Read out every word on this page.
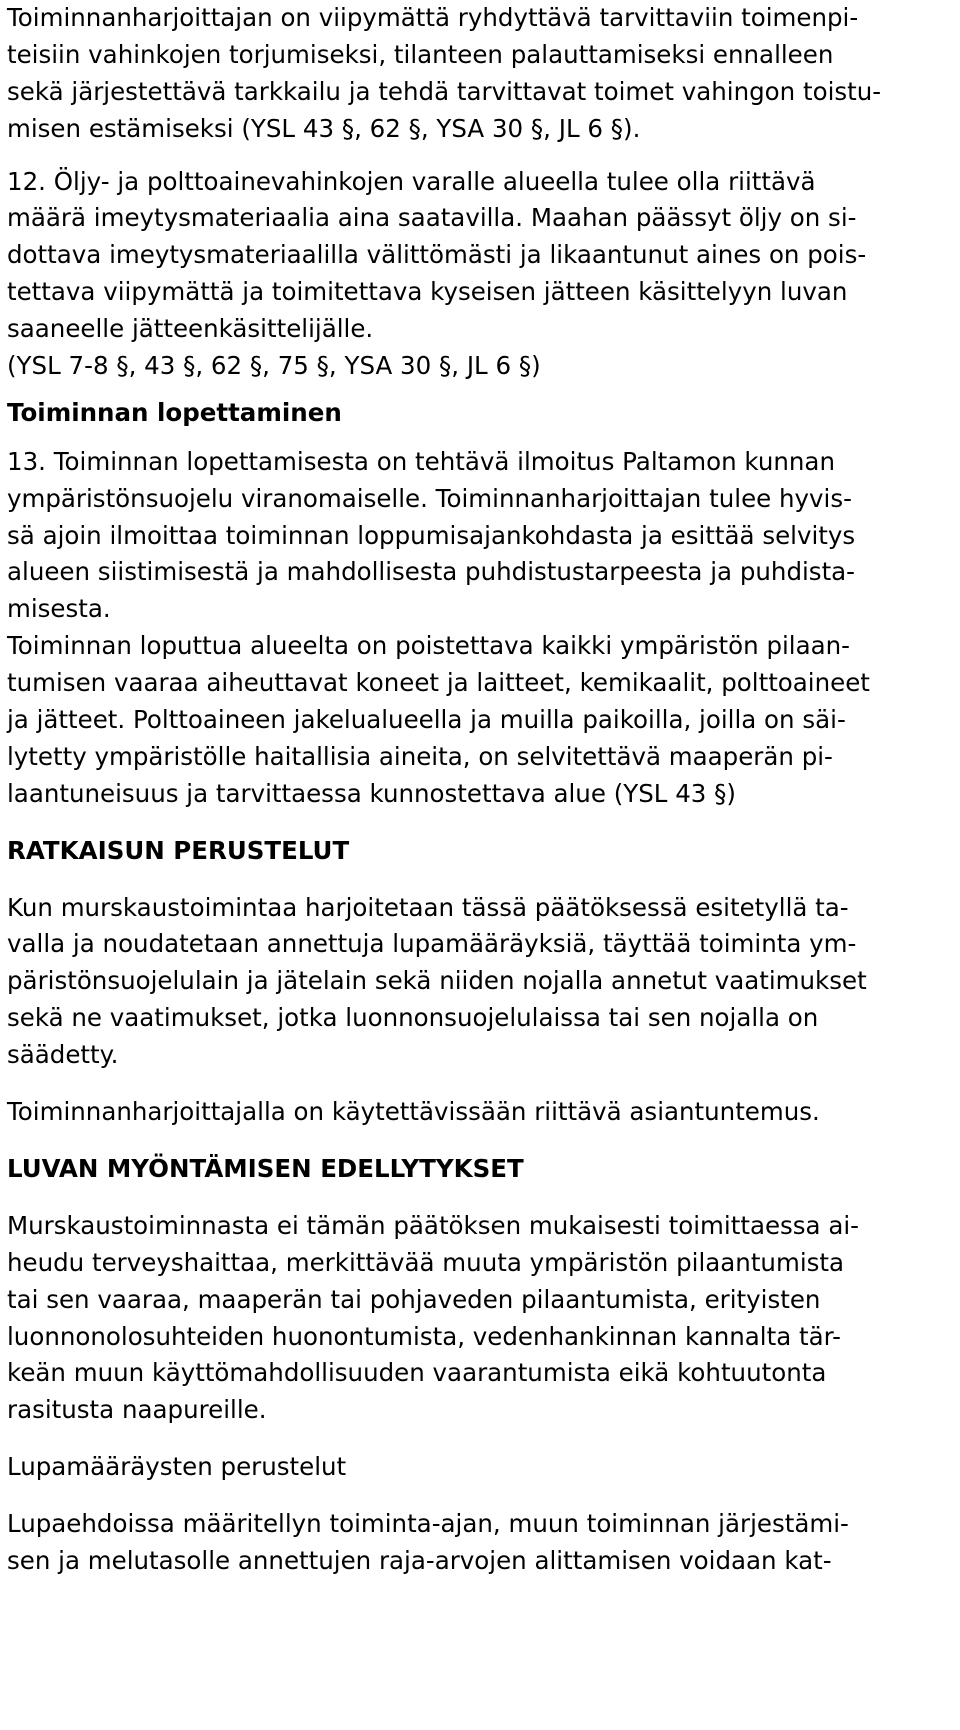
Toiminnanharjoittajan on viipymättä ryhdyttävä tarvittaviin toimenpi-
teisiin vahinkojen torjumiseksi, tilanteen palauttamiseksi ennalleen
sekä järjestettävä tarkkailu ja tehdä tarvittavat toimet vahingon toistu-
misen estämiseksi (YSL 43 §, 62 §, YSA 30 §, JL 6 §).
12. Öljy- ja polttoainevahinkojen varalle alueella tulee olla riittävä
määrä imeytysmateriaalia aina saatavilla. Maahan päässyt öljy on si-
dottava imeytysmateriaalilla välittömästi ja likaantunut aines on pois-
tettava viipymättä ja toimitettava kyseisen jätteen käsittelyyn luvan
saaneelle jätteenkäsittelijälle.
(YSL 7-8 §, 43 §, 62 §, 75 §, YSA 30 §, JL 6 §)
Toiminnan lopettaminen
13. Toiminnan lopettamisesta on tehtävä ilmoitus Paltamon kunnan
ympäristönsuojelu viranomaiselle. Toiminnanharjoittajan tulee hyvis-
sä ajoin ilmoittaa toiminnan loppumisajankohdasta ja esittää selvitys
alueen siistimisestä ja mahdollisesta puhdistustarpeesta ja puhdista-
misesta.
Toiminnan loputtua alueelta on poistettava kaikki ympäristön pilaan-
tumisen vaaraa aiheuttavat koneet ja laitteet, kemikaalit, polttoaineet
ja jätteet. Polttoaineen jakelualueella ja muilla paikoilla, joilla on säi-
lytetty ympäristölle haitallisia aineita, on selvitettävä maaperän pi-
laantuneisuus ja tarvittaessa kunnostettava alue (YSL 43 §)
RATKAISUN PERUSTELUT
Kun murskaustoimintaa harjoitetaan tässä päätöksessä esitetyllä ta-
valla ja noudatetaan annettuja lupamääräyksiä, täyttää toiminta ym-
päristönsuojelulain ja jätelain sekä niiden nojalla annetut vaatimukset
sekä ne vaatimukset, jotka luonnonsuojelulaissa tai sen nojalla on
säädetty.
Toiminnanharjoittajalla on käytettävissään riittävä asiantuntemus.
LUVAN MYÖNTÄMISEN EDELLYTYKSET
Murskaustoiminnasta ei tämän päätöksen mukaisesti toimittaessa ai-
heudu terveyshaittaa, merkittävää muuta ympäristön pilaantumista
tai sen vaaraa, maaperän tai pohjaveden pilaantumista, erityisten
luonnonolosuhteiden huonontumista, vedenhankinnan kannalta tär-
keän muun käyttömahdollisuuden vaarantumista eikä kohtuutonta
rasitusta naapureille.
Lupamääräysten perustelut
Lupaehdoissa määritellyn toiminta-ajan, muun toiminnan järjestämi-
sen ja melutasolle annettujen raja-arvojen alittamisen voidaan kat-
